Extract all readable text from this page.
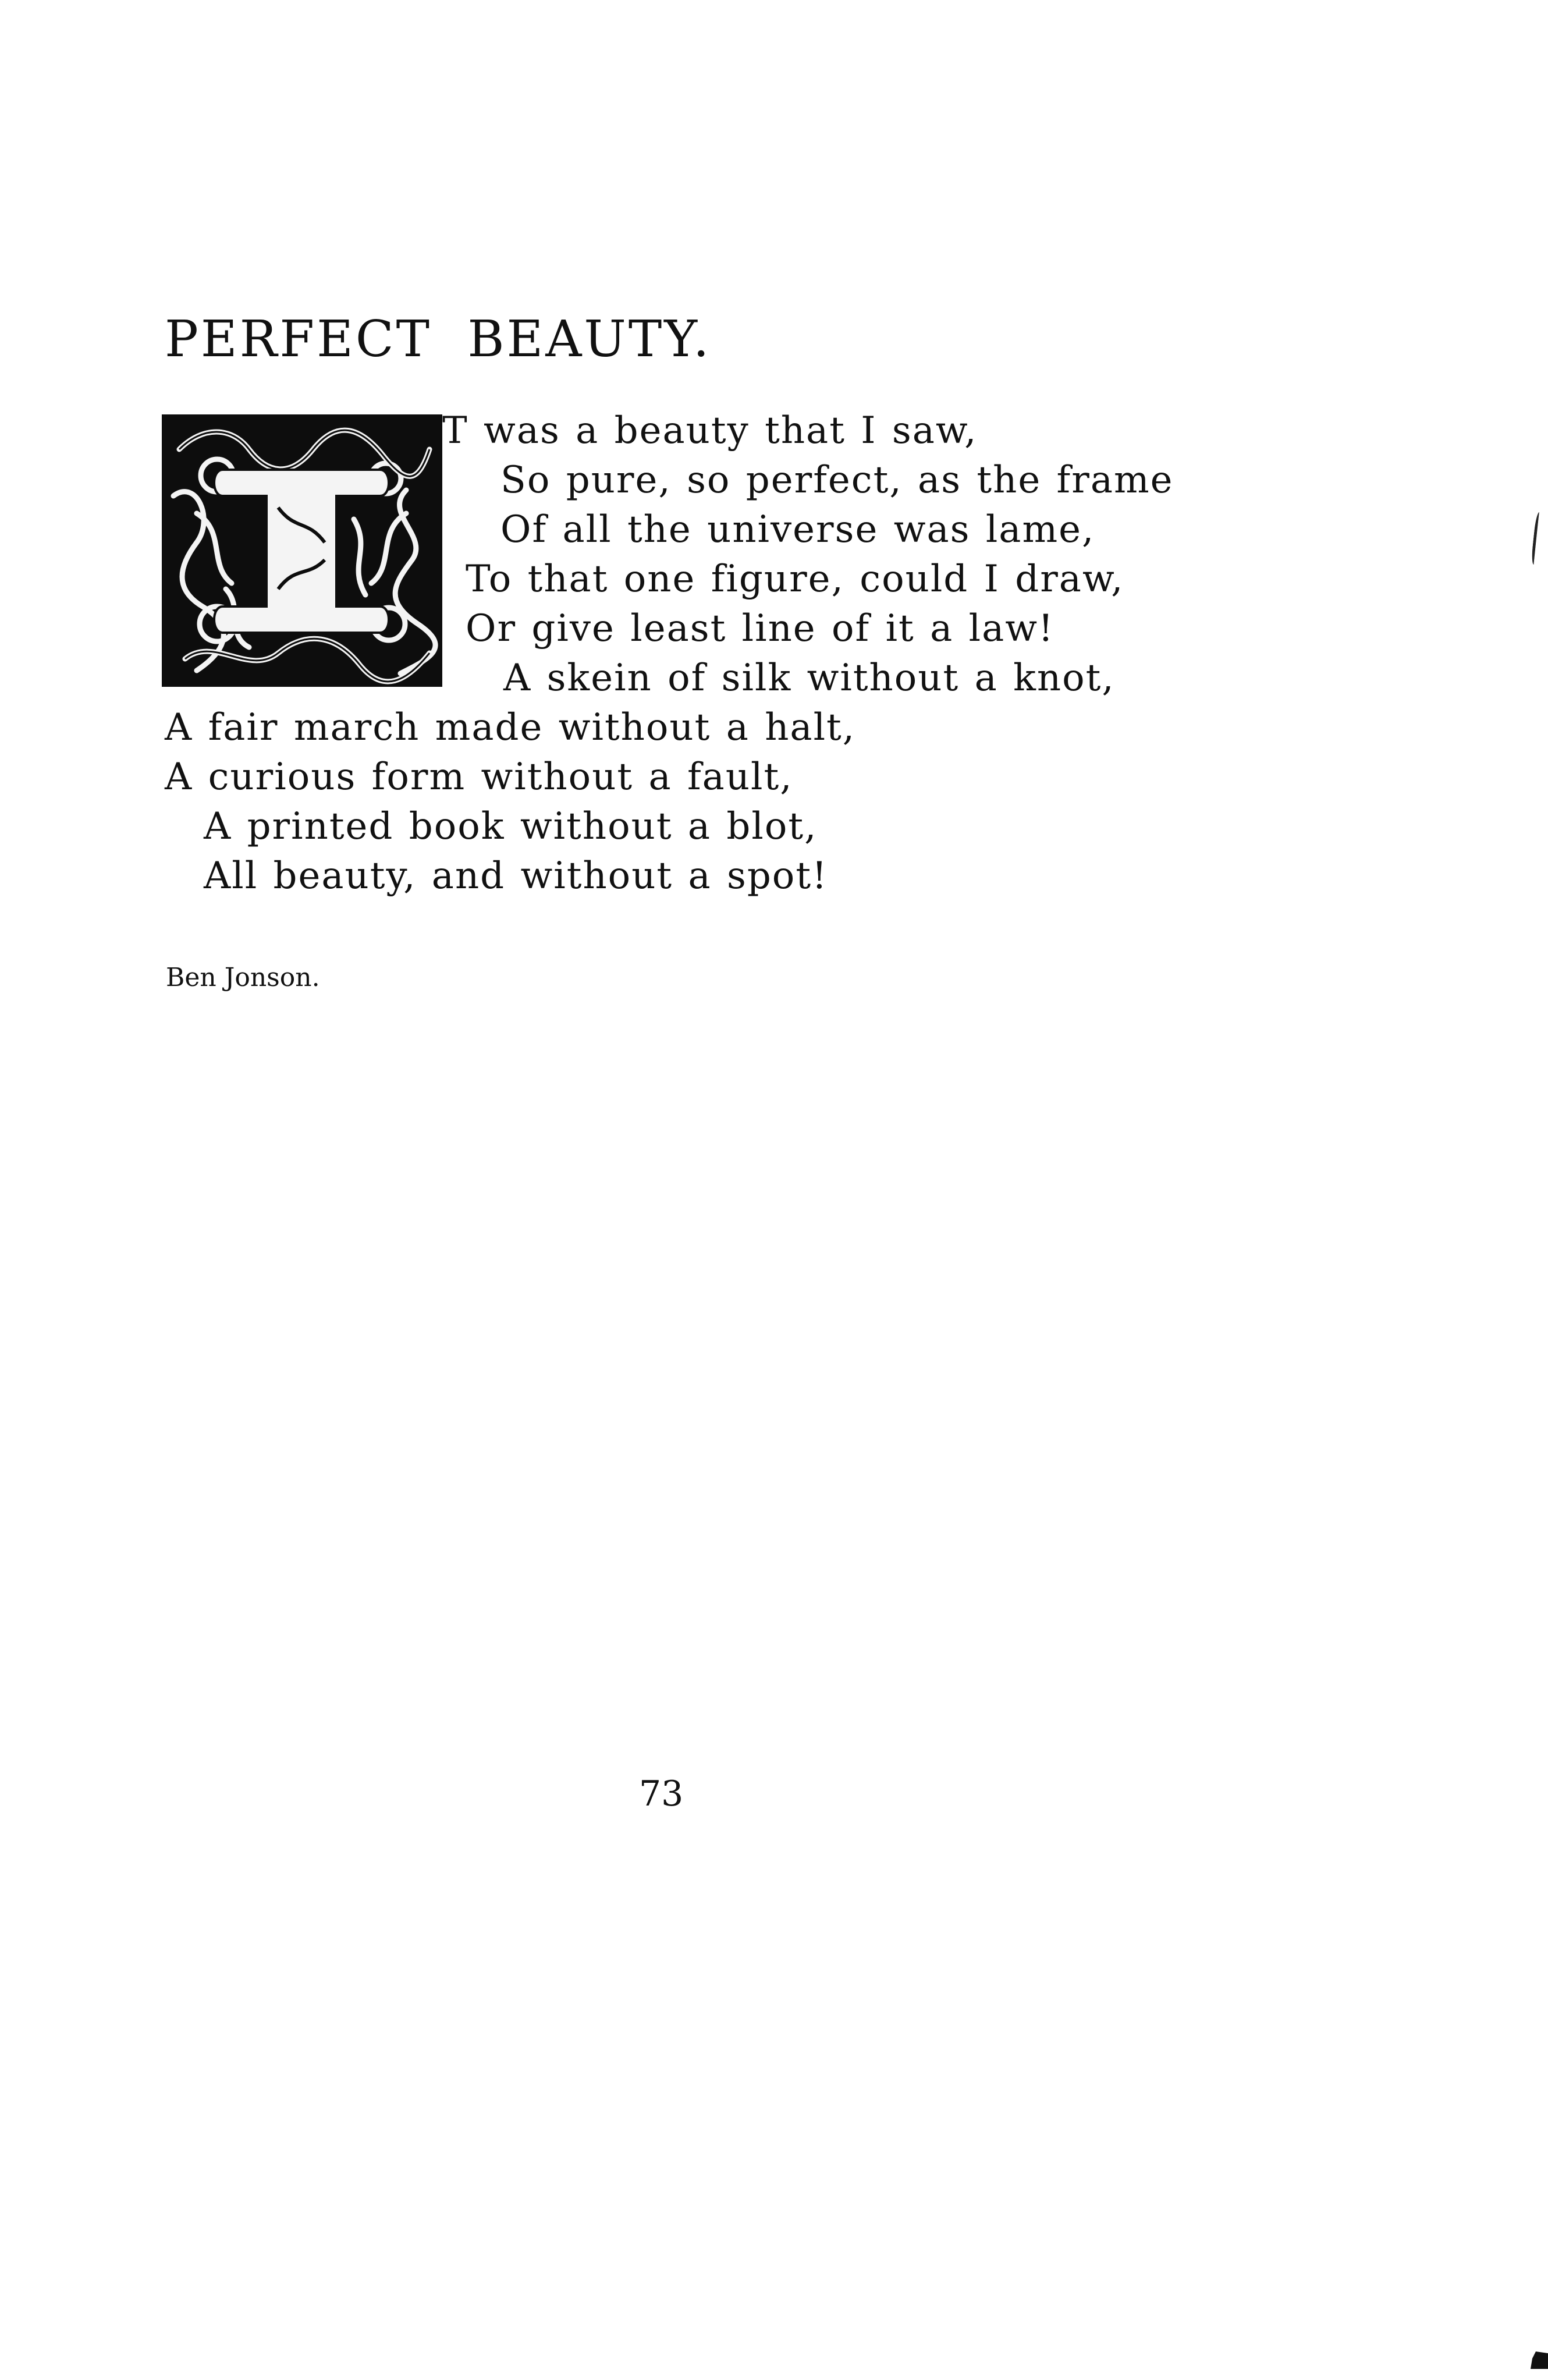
PERFECT BEAUTY.
T was a beauty that I saw,
So pure, so perfect, as the frame
Of all the universe was lame,
To that one figure, could I draw,
Or give least line of it a law!
A skein of silk without a knot,
A fair march made without a halt,
A curious form without a fault,
A printed book without a blot,
All beauty, and without a spot!
Ben Jonson.
73
